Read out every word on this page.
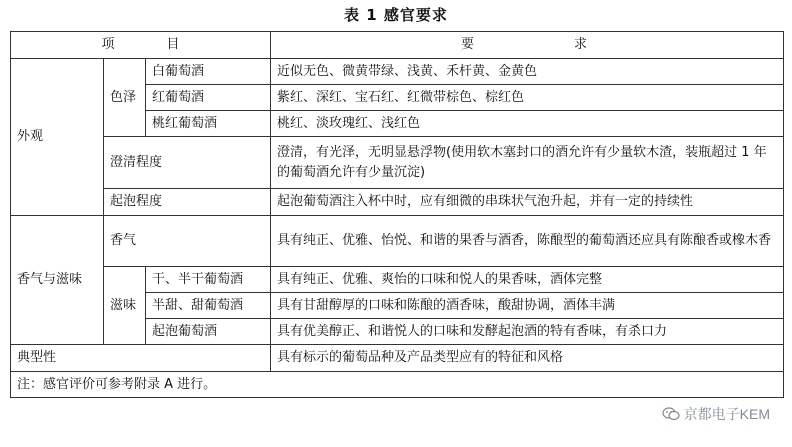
表 1 感官要求
项目			要求
外观	色泽	白葡萄酒	近似无色、微黄带绿、浅黄、禾杆黄、金黄色
		红葡萄酒	紫红、深红、宝石红、红微带棕色、棕红色
		桃红葡萄酒	桃红、淡玫瑰红、浅红色
	澄清程度		澄清，有光泽，无明显悬浮物(使用软木塞封口的酒允许有少量软木渣，装瓶超过 1 年的葡萄酒允许有少量沉淀)
	起泡程度		起泡葡萄酒注入杯中时，应有细微的串珠状气泡升起，并有一定的持续性
香气与滋味	香气		具有纯正、优雅、怡悦、和谐的果香与酒香，陈酿型的葡萄酒还应具有陈酿香或橡木香
	滋味	干、半干葡萄酒	具有纯正、优雅、爽怡的口味和悦人的果香味，酒体完整
		半甜、甜葡萄酒	具有甘甜醇厚的口味和陈酿的酒香味，酸甜协调，酒体丰满
		起泡葡萄酒	具有优美醇正、和谐悦人的口味和发酵起泡酒的特有香味，有杀口力
典型性			具有标示的葡萄品种及产品类型应有的特征和风格
注：感官评价可参考附录 A 进行。			
京都电子KEM
